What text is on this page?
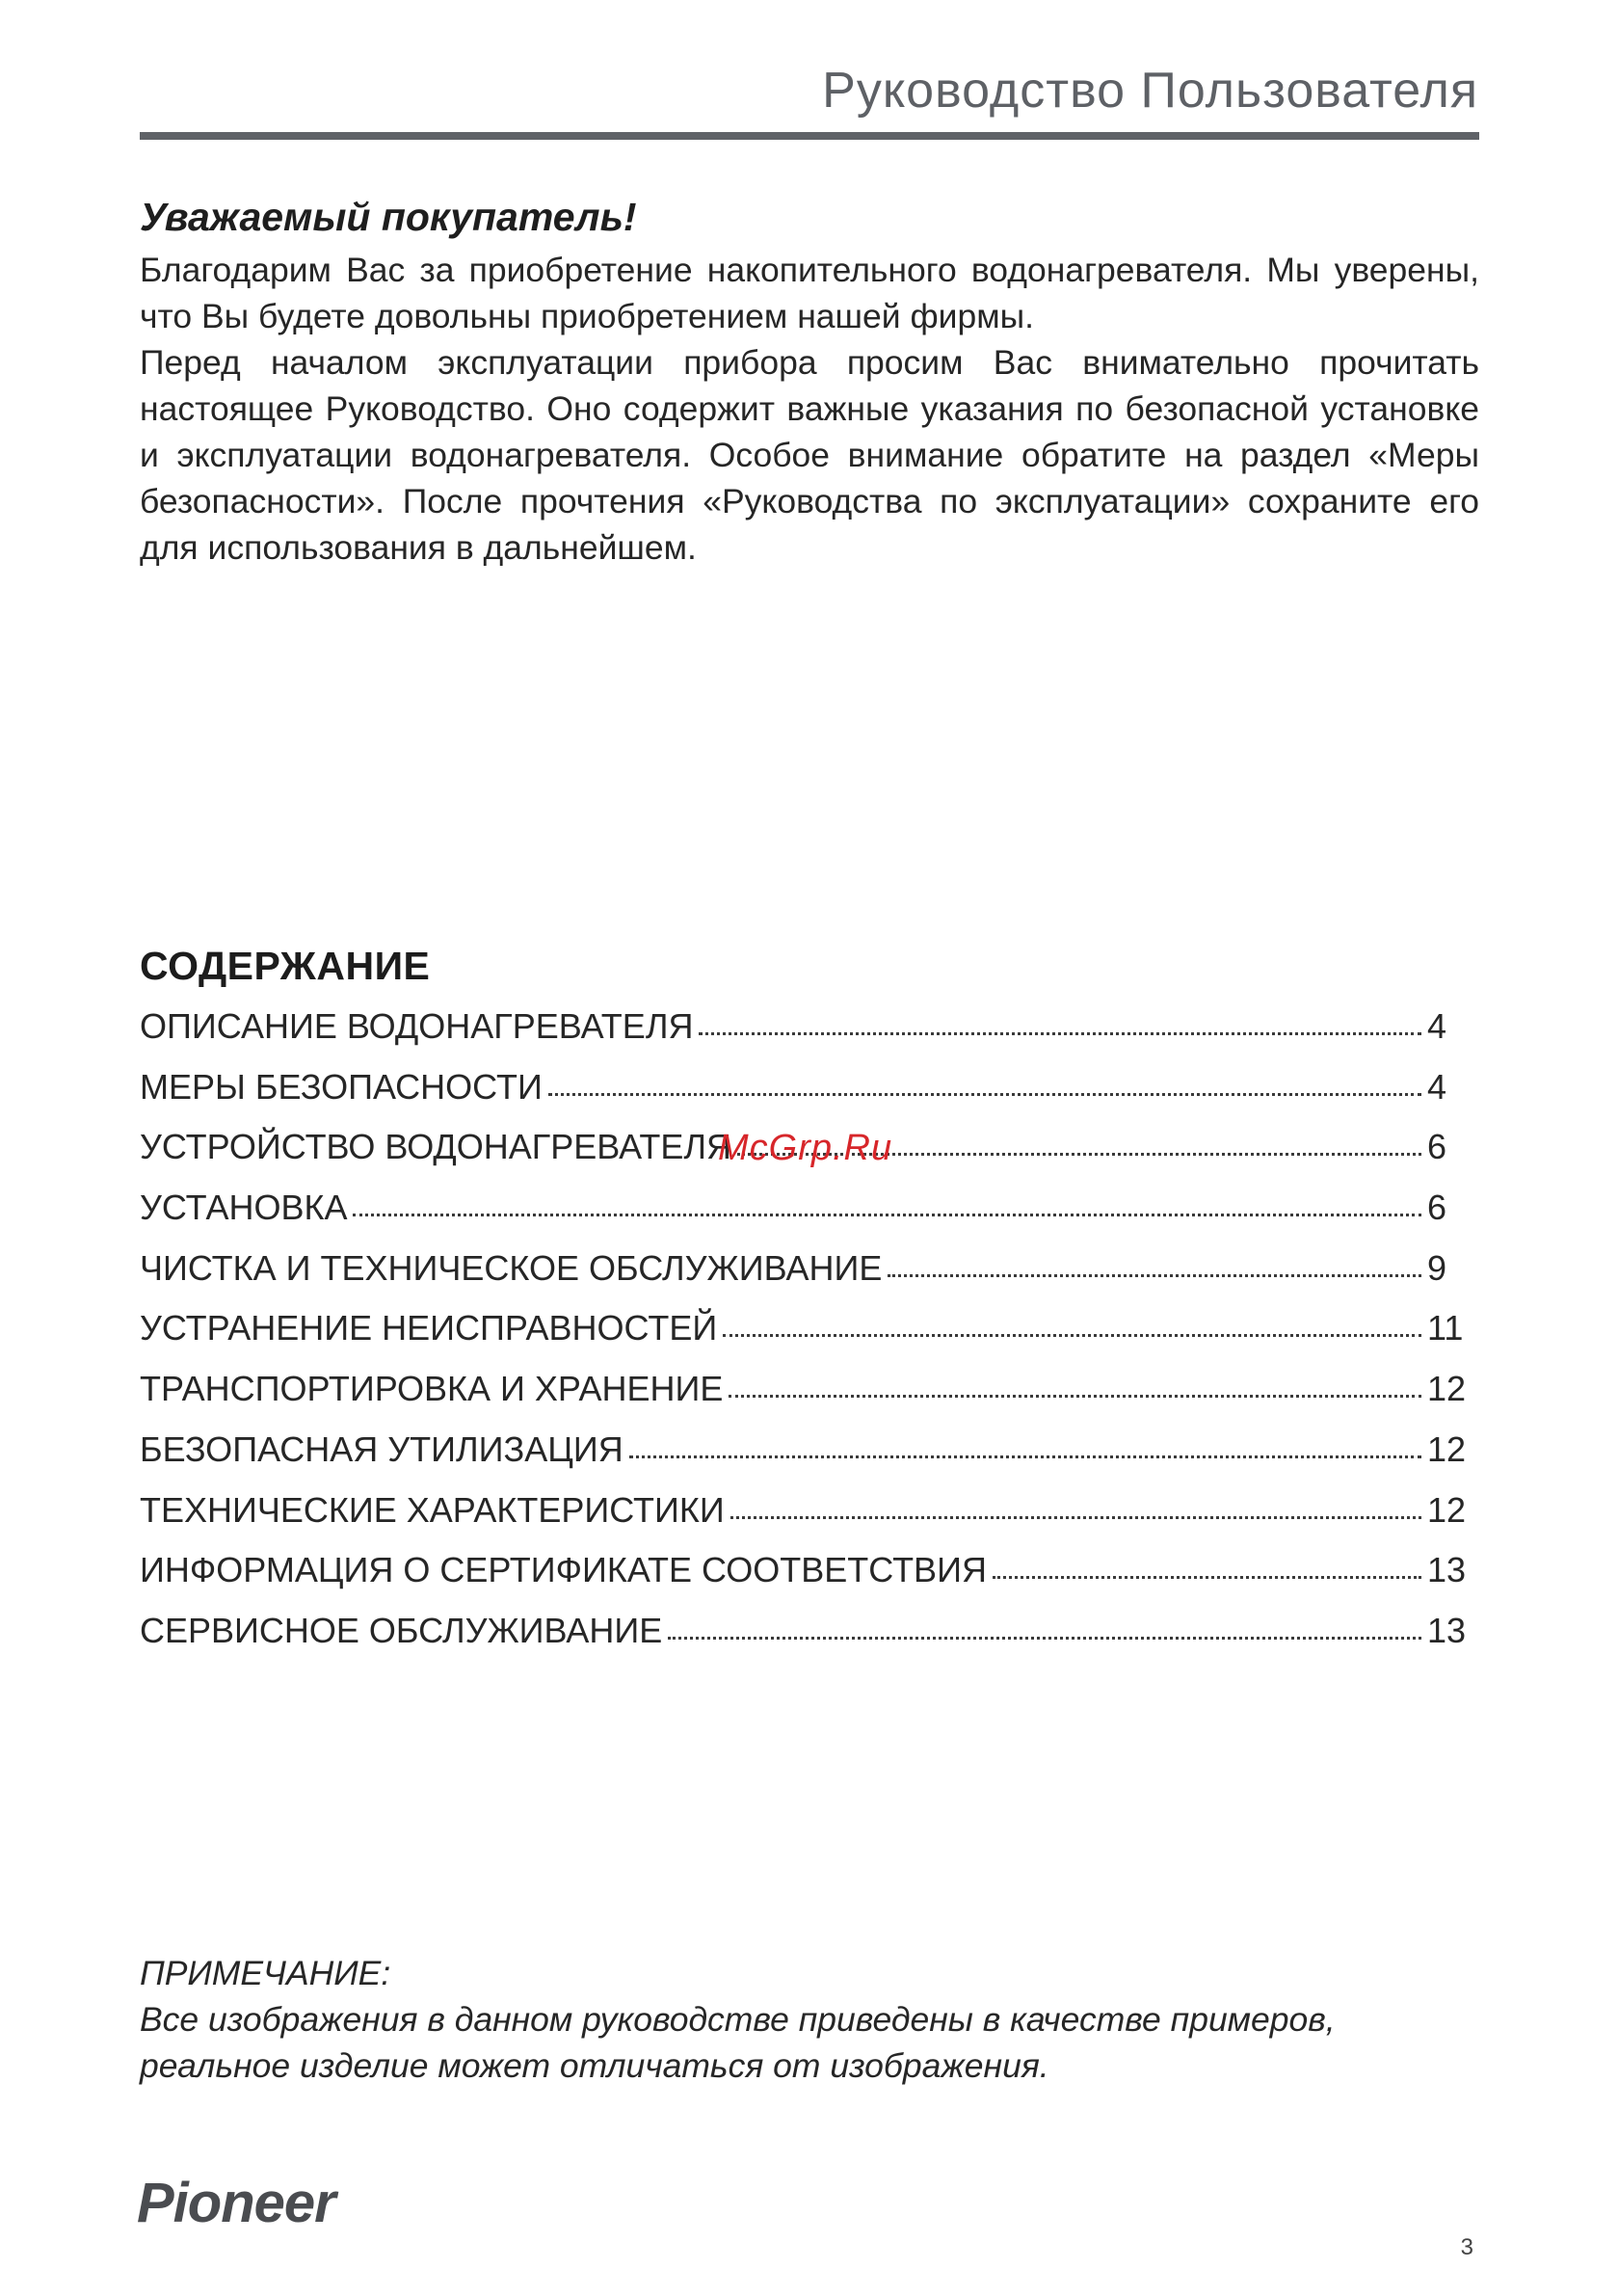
Руководство Пользователя
Уважаемый покупатель!

Благодарим Вас за приобретение накопительного водонагревателя. Мы уверены, что Вы будете довольны приобретением нашей фирмы.

Перед началом эксплуатации прибора просим Вас внимательно прочитать настоящее Руководство. Оно содержит важные указания по безопасной установке и эксплуатации водонагревателя. Особое внимание обратите на раздел «Меры безопасности». После прочтения «Руководства по эксплуатации» сохраните его для использования в дальнейшем.

СОДЕРЖАНИЕ
ОПИСАНИЕ ВОДОНАГРЕВАТЕЛЯ	4
МЕРЫ БЕЗОПАСНОСТИ	4
УСТРОЙСТВО ВОДОНАГРЕВАТЕЛЯ	6
УСТАНОВКА	6
ЧИСТКА И ТЕХНИЧЕСКОЕ ОБСЛУЖИВАНИЕ	9
УСТРАНЕНИЕ НЕИСПРАВНОСТЕЙ	11
ТРАНСПОРТИРОВКА И ХРАНЕНИЕ	12
БЕЗОПАСНАЯ УТИЛИЗАЦИЯ	12
ТЕХНИЧЕСКИЕ ХАРАКТЕРИСТИКИ	12
ИНФОРМАЦИЯ О СЕРТИФИКАТЕ СООТВЕТСТВИЯ	13
СЕРВИСНОЕ ОБСЛУЖИВАНИЕ	13
McGrp.Ru

ПРИМЕЧАНИЕ:

Все изображения в данном руководстве приведены в качестве примеров, реальное изделие может отличаться от изображения.

Pioneer
3
